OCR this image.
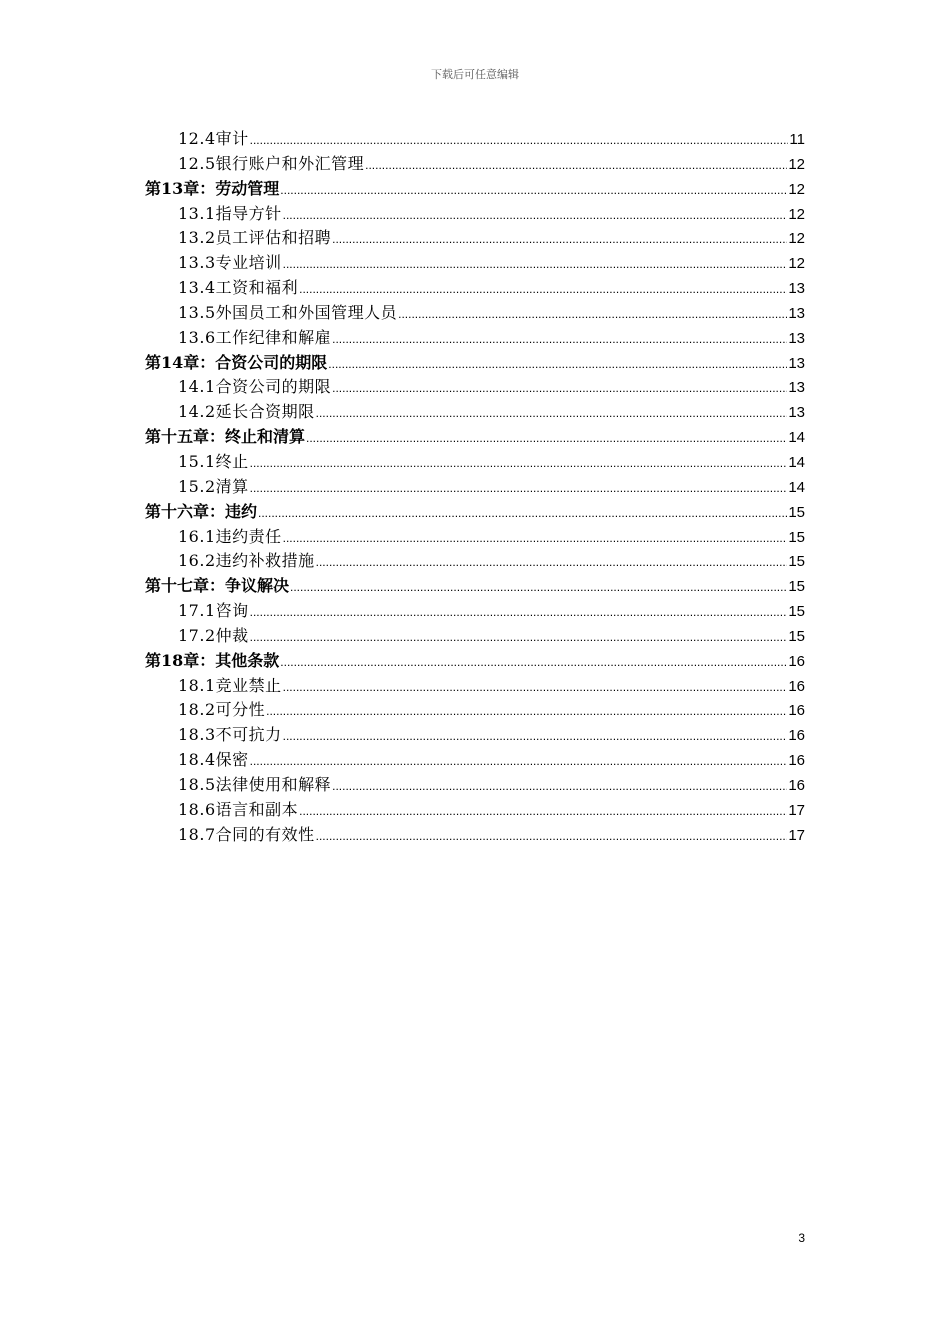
下载后可任意编辑
12.4审计 .....	11
12.5银行账户和外汇管理 .....	12
第13章：劳动管理 .....	12
13.1指导方针 .....	12
13.2员工评估和招聘 .....	12
13.3专业培训 .....	12
13.4工资和福利 .....	13
13.5外国员工和外国管理人员 .....	13
13.6工作纪律和解雇 .....	13
第14章：合资公司的期限 .....	13
14.1合资公司的期限 .....	13
14.2延长合资期限 .....	13
第十五章：终止和清算 .....	14
15.1终止 .....	14
15.2清算 .....	14
第十六章：违约 .....	15
16.1违约责任 .....	15
16.2违约补救措施 .....	15
第十七章：争议解决 .....	15
17.1咨询 .....	15
17.2仲裁 .....	15
第18章：其他条款 .....	16
18.1竞业禁止 .....	16
18.2可分性 .....	16
18.3不可抗力 .....	16
18.4保密 .....	16
18.5法律使用和解释 .....	16
18.6语言和副本 .....	17
18.7合同的有效性 .....	17
3
